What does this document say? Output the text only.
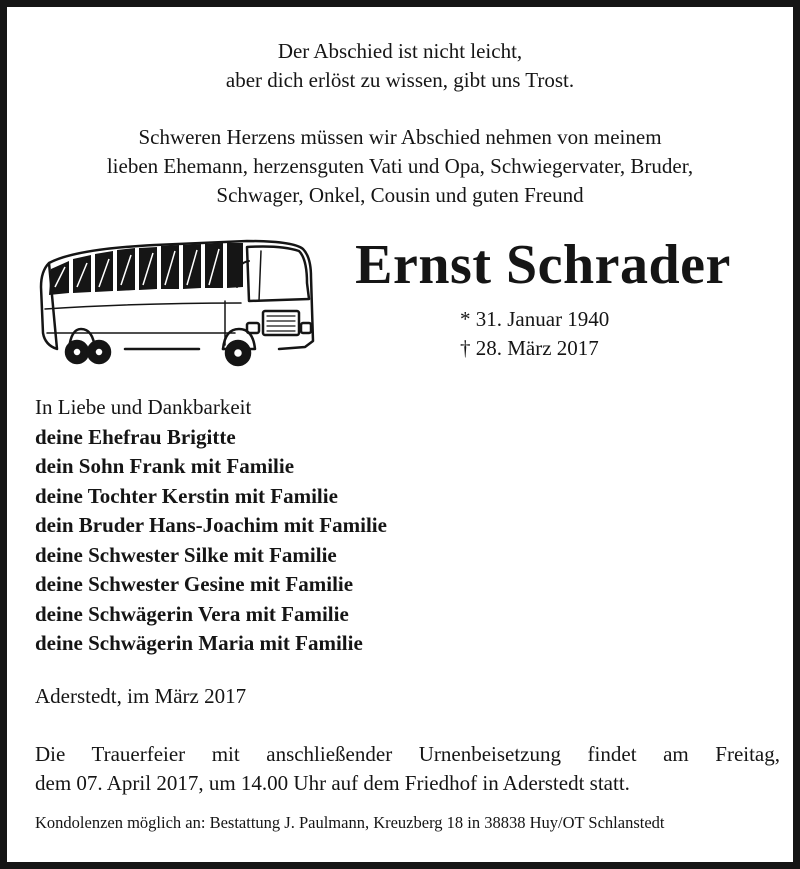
Der Abschied ist nicht leicht,
aber dich erlöst zu wissen, gibt uns Trost.
Schweren Herzens müssen wir Abschied nehmen von meinem
lieben Ehemann, herzensguten Vati und Opa, Schwiegervater, Bruder,
Schwager, Onkel, Cousin und guten Freund
Ernst Schrader
* 31. Januar 1940
† 28. März 2017
In Liebe und Dankbarkeit
deine Ehefrau Brigitte
dein Sohn Frank mit Familie
deine Tochter Kerstin mit Familie
dein Bruder Hans-Joachim mit Familie
deine Schwester Silke mit Familie
deine Schwester Gesine mit Familie
deine Schwägerin Vera mit Familie
deine Schwägerin Maria mit Familie
Aderstedt, im März 2017
Die Trauerfeier mit anschließender Urnenbeisetzung findet am Freitag,
dem 07. April 2017, um 14.00 Uhr auf dem Friedhof in Aderstedt statt.
Kondolenzen möglich an: Bestattung J. Paulmann, Kreuzberg 18 in 38838 Huy/OT Schlanstedt
